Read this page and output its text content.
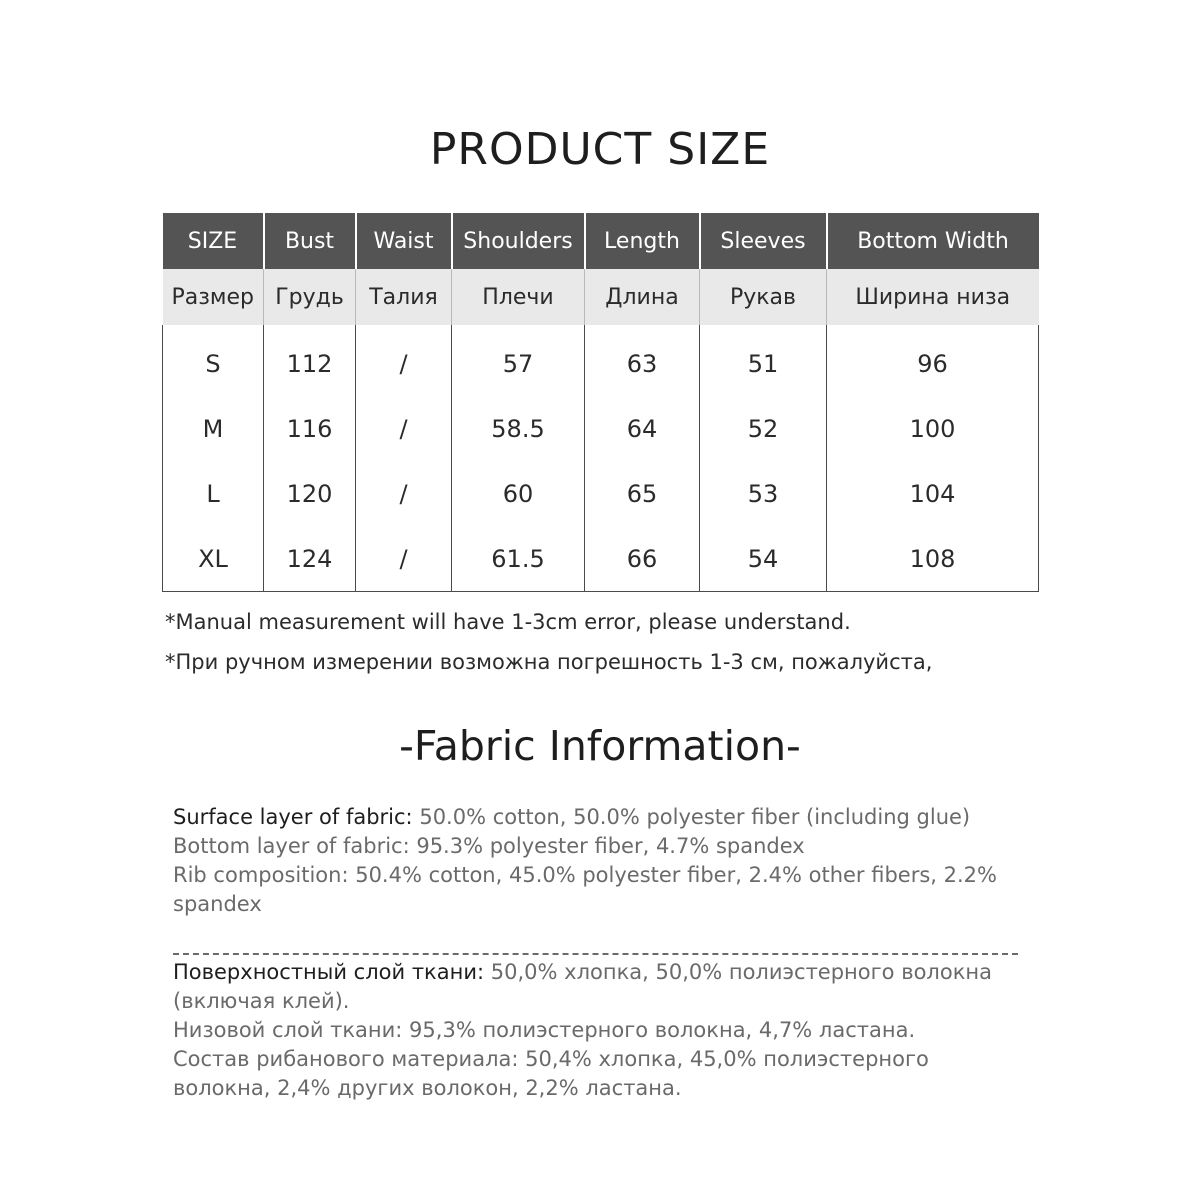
PRODUCT SIZE
SIZE	Bust	Waist	Shoulders	Length	Sleeves	Bottom Width
Размер	Грудь	Талия	Плечи	Длина	Рукав	Ширина низа
S	112	/	57	63	51	96
M	116	/	58.5	64	52	100
L	120	/	60	65	53	104
XL	124	/	61.5	66	54	108
*Manual measurement will have 1-3cm error, please understand.
*При ручном измерении возможна погрешность 1-3 см, пожалуйста,
-Fabric Information-

Surface layer of fabric: 50.0% cotton, 50.0% polyester fiber (including glue)

Bottom layer of fabric: 95.3% polyester fiber, 4.7% spandex

Rib composition: 50.4% cotton, 45.0% polyester fiber, 2.4% other fibers, 2.2% spandex

Поверхностный слой ткани: 50,0% хлопка, 50,0% полиэстерного волокна (включая клей).

Низовой слой ткани: 95,3% полиэстерного волокна, 4,7% ластана.

Состав рибанового материала: 50,4% хлопка, 45,0% полиэстерного волокна, 2,4% других волокон, 2,2% ластана.
